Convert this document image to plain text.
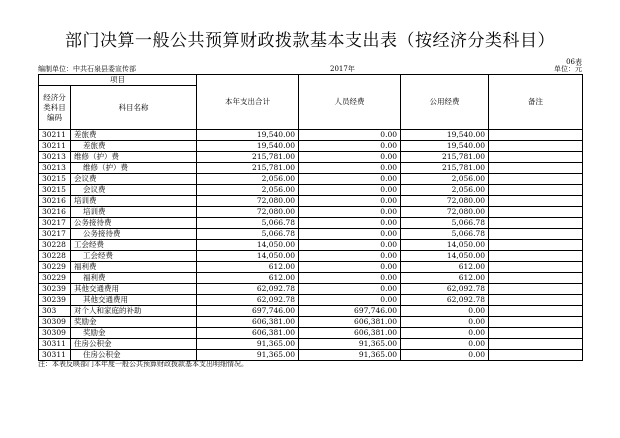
部门决算一般公共预算财政拨款基本支出表（按经济分类科目）
06表
编制单位：中共石泉县委宣传部	2017年	单位：元
项目		本年支出合计	人员经费	公用经费	备注
经济分类科目编码	科目名称				
30211	差旅费	19,540.00	0.00	19,540.00	
30211	差旅费	19,540.00	0.00	19,540.00	
30213	维修（护）费	215,781.00	0.00	215,781.00	
30213	维修（护）费	215,781.00	0.00	215,781.00	
30215	会议费	2,056.00	0.00	2,056.00	
30215	会议费	2,056.00	0.00	2,056.00	
30216	培训费	72,080.00	0.00	72,080.00	
30216	培训费	72,080.00	0.00	72,080.00	
30217	公务接待费	5,066.78	0.00	5,066.78	
30217	公务接待费	5,066.78	0.00	5,066.78	
30228	工会经费	14,050.00	0.00	14,050.00	
30228	工会经费	14,050.00	0.00	14,050.00	
30229	福利费	612.00	0.00	612.00	
30229	福利费	612.00	0.00	612.00	
30239	其他交通费用	62,092.78	0.00	62,092.78	
30239	其他交通费用	62,092.78	0.00	62,092.78	
303	对个人和家庭的补助	697,746.00	697,746.00	0.00	
30309	奖励金	606,381.00	606,381.00	0.00	
30309	奖励金	606,381.00	606,381.00	0.00	
30311	住房公积金	91,365.00	91,365.00	0.00	
30311	住房公积金	91,365.00	91,365.00	0.00	
注：本表反映部门本年度一般公共预算财政拨款基本支出明细情况。
